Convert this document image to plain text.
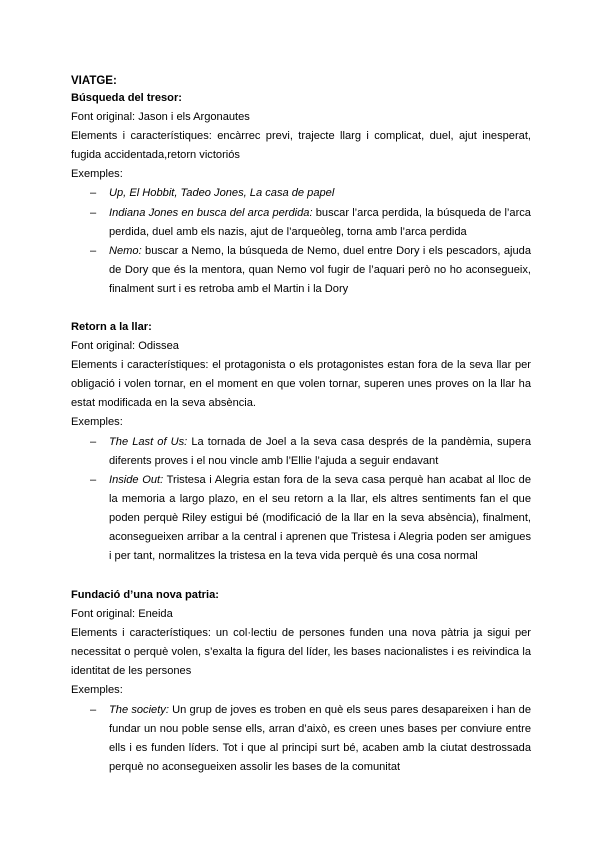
VIATGE:
Búsqueda del tresor:
Font original: Jason i els Argonautes
Elements i característiques: encàrrec previ, trajecte llarg i complicat, duel, ajut inesperat, fugida accidentada,retorn victoriós
Exemples:
– Up, El Hobbit, Tadeo Jones, La casa de papel
– Indiana Jones en busca del arca perdida: buscar l’arca perdida, la búsqueda de l’arca perdida, duel amb els nazis, ajut de l’arqueòleg, torna amb l’arca perdida
– Nemo: buscar a Nemo, la búsqueda de Nemo, duel entre Dory i els pescadors, ajuda de Dory que és la mentora, quan Nemo vol fugir de l’aquari però no ho aconsegueix, finalment surt i es retroba amb el Martin i la Dory
Retorn a la llar:
Font original: Odissea
Elements i característiques: el protagonista o els protagonistes estan fora de la seva llar per obligació i volen tornar, en el moment en que volen tornar, superen unes proves on la llar ha estat modificada en la seva absència.
Exemples:
– The Last of Us: La tornada de Joel a la seva casa després de la pandèmia, supera diferents proves i el nou vincle amb l’Ellie l’ajuda a seguir endavant
– Inside Out: Tristesa i Alegria estan fora de la seva casa perquè han acabat al lloc de la memoria a largo plazo, en el seu retorn a la llar, els altres sentiments fan el que poden perquè Riley estigui bé (modificació de la llar en la seva absència), finalment, aconsegueixen arribar a la central i aprenen que Tristesa i Alegria poden ser amigues i per tant, normalitzes la tristesa en la teva vida perquè és una cosa normal
Fundació d’una nova patria:
Font original: Eneida
Elements i característiques: un col·lectiu de persones funden una nova pàtria ja sigui per necessitat o perquè volen, s’exalta la figura del líder, les bases nacionalistes i es reivindica la identitat de les persones
Exemples:
– The society: Un grup de joves es troben en què els seus pares desapareixen i han de fundar un nou poble sense ells, arran d’això, es creen unes bases per conviure entre ells i es funden líders. Tot i que al principi surt bé, acaben amb la ciutat destrossada perquè no aconsegueixen assolir les bases de la comunitat
